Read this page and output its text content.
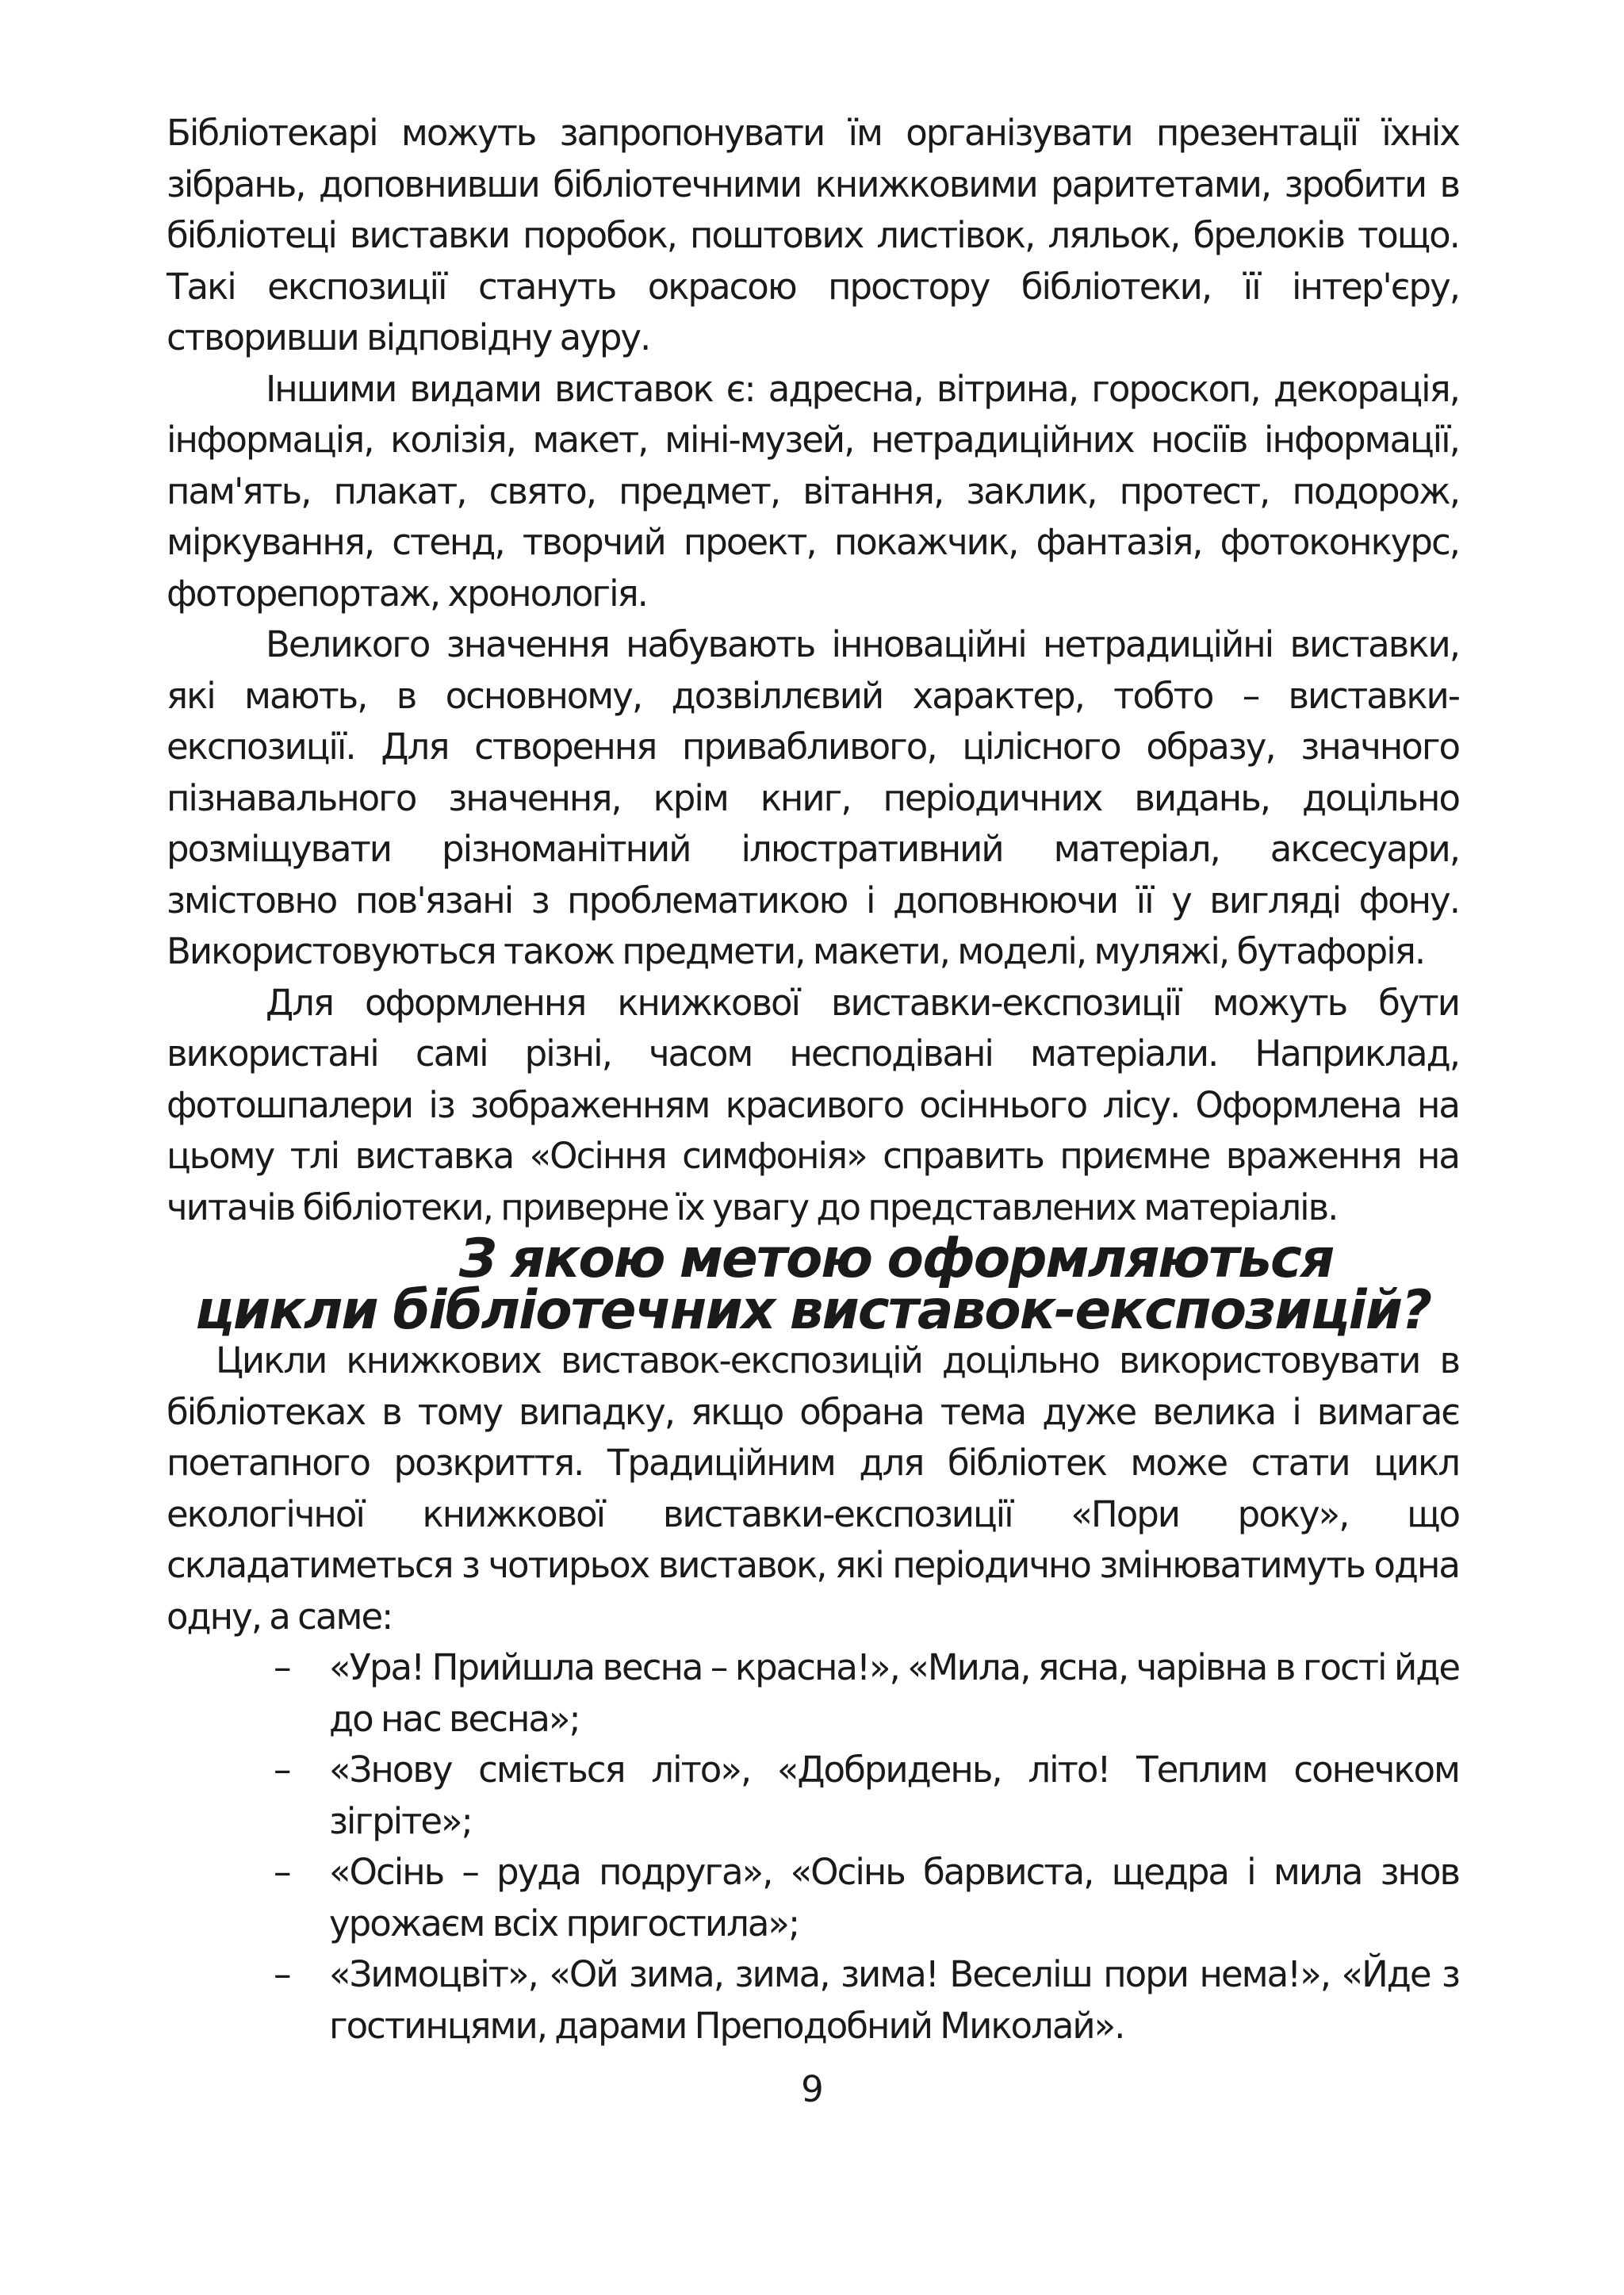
Бібліотекарі можуть запропонувати їм організувати презентації їхніх зібрань, доповнивши бібліотечними книжковими раритетами, зробити в бібліотеці виставки поробок, поштових листівок, ляльок, брелоків тощо. Такі експозиції стануть окрасою простору бібліотеки, її інтер'єру, створивши відповідну ауру.

Іншими видами виставок є: адресна, вітрина, гороскоп, декорація, інформація, колізія, макет, міні-музей, нетрадиційних носіїв інформації, пам'ять, плакат, свято, предмет, вітання, заклик, протест, подорож, міркування, стенд, творчий проект, покажчик, фантазія, фотоконкурс, фоторепортаж, хронологія.

Великого значення набувають інноваційні нетрадиційні виставки, які мають, в основному, дозвіллєвий характер, тобто – виставки-експозиції. Для створення привабливого, цілісного образу, значного пізнавального значення, крім книг, періодичних видань, доцільно розміщувати різноманітний ілюстративний матеріал, аксесуари, змістовно пов'язані з проблематикою і доповнюючи її у вигляді фону. Використовуються також предмети, макети, моделі, муляжі, бутафорія.

Для оформлення книжкової виставки-експозиції можуть бути використані самі різні, часом несподівані матеріали. Наприклад, фотошпалери із зображенням красивого осіннього лісу. Оформлена на цьому тлі виставка «Осіння симфонія» справить приємне враження на читачів бібліотеки, приверне їх увагу до представлених матеріалів.

З якою метою оформляються
цикли бібліотечних виставок-експозицій?

Цикли книжкових виставок-експозицій доцільно використовувати в бібліотеках в тому випадку, якщо обрана тема дуже велика і вимагає поетапного розкриття. Традиційним для бібліотек може стати цикл екологічної книжкової виставки-експозиції «Пори року», що складатиметься з чотирьох виставок, які періодично змінюватимуть одна одну, а саме:

– «Ура! Прийшла весна – красна!», «Мила, ясна, чарівна в гості йде до нас весна»;
– «Знову сміється літо», «Добридень, літо! Теплим сонечком зігріте»;
– «Осінь – руда подруга», «Осінь барвиста, щедра і мила знов урожаєм всіх пригостила»;
– «Зимоцвіт», «Ой зима, зима, зима! Веселіш пори нема!», «Йде з гостинцями, дарами Преподобний Миколай».
9
